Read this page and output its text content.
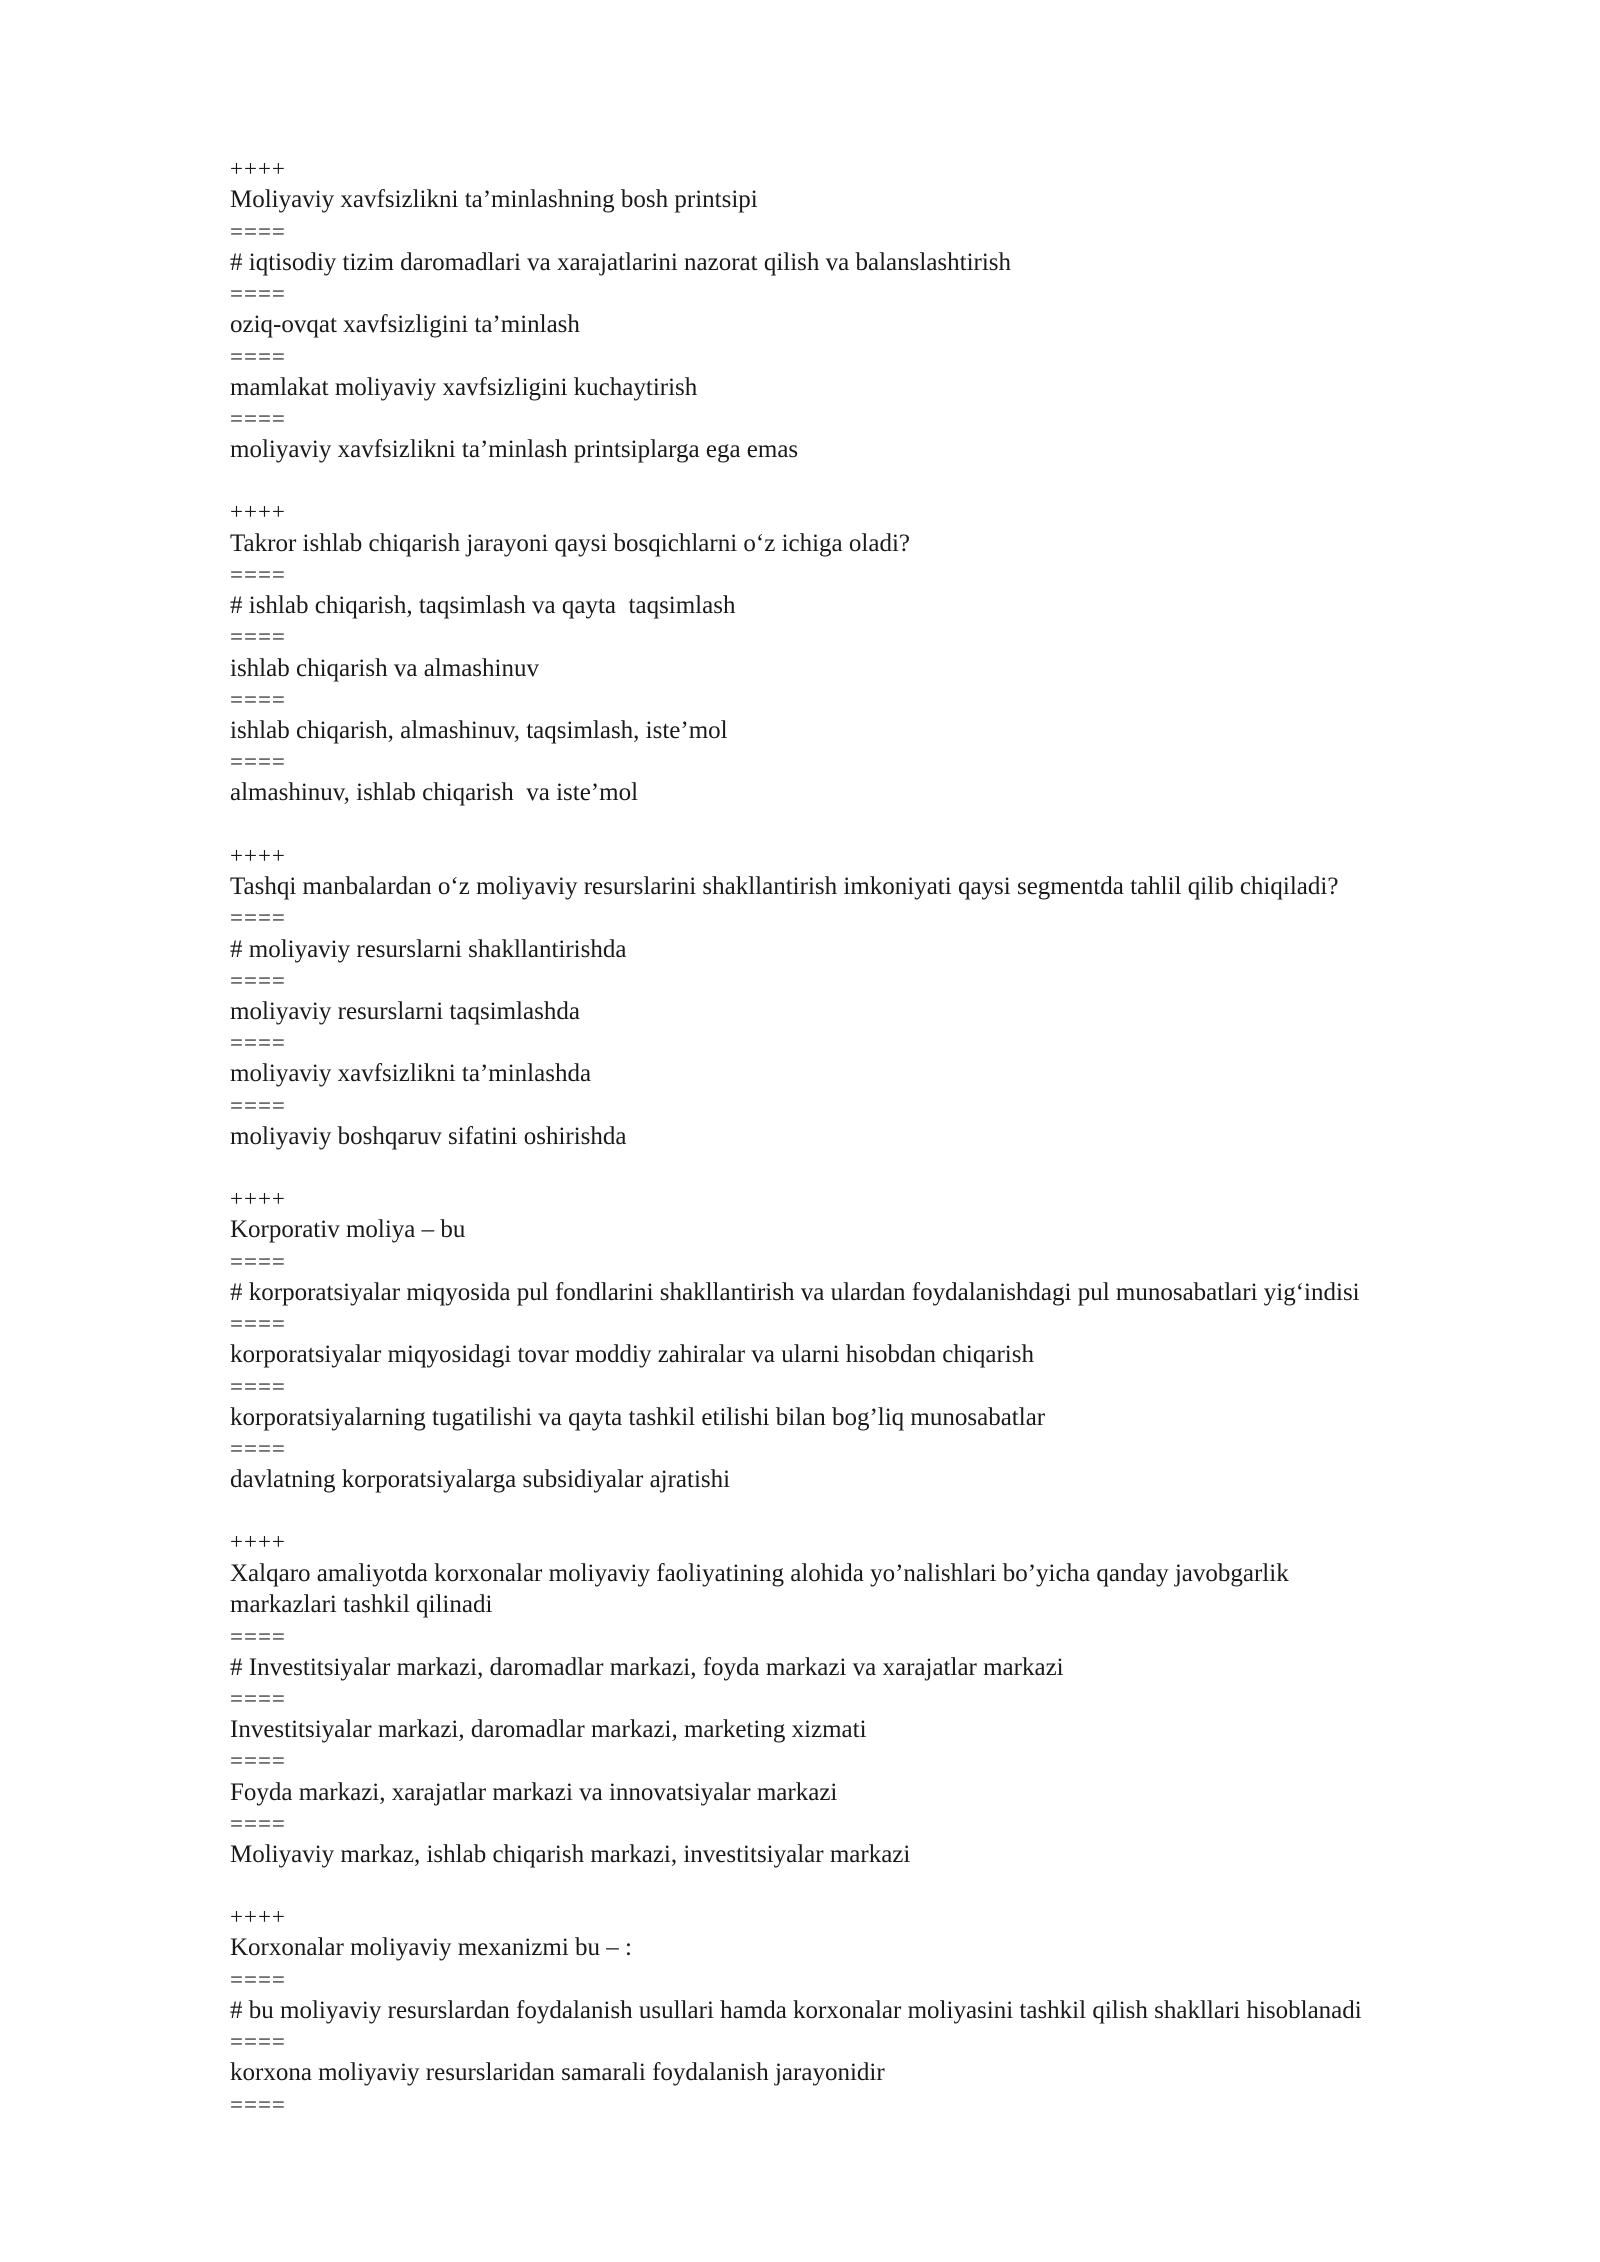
++++
Moliyaviy xavfsizlikni ta’minlashning bosh printsipi
====
# iqtisodiy tizim daromadlari va xarajatlarini nazorat qilish va balanslashtirish
====
oziq-ovqat xavfsizligini ta’minlash
====
mamlakat moliyaviy xavfsizligini kuchaytirish
====
moliyaviy xavfsizlikni ta’minlash printsiplarga ega emas
++++
Takror ishlab chiqarish jarayoni qaysi bosqichlarni o‘z ichiga oladi?
====
# ishlab chiqarish, taqsimlash va qayta  taqsimlash
====
ishlab chiqarish va almashinuv
====
ishlab chiqarish, almashinuv, taqsimlash, iste’mol
====
almashinuv, ishlab chiqarish  va iste’mol
++++
Tashqi manbalardan o‘z moliyaviy resurslarini shakllantirish imkoniyati qaysi segmentda tahlil qilib chiqiladi?
====
# moliyaviy resurslarni shakllantirishda
====
moliyaviy resurslarni taqsimlashda
====
moliyaviy xavfsizlikni ta’minlashda
====
moliyaviy boshqaruv sifatini oshirishda
++++
Korporativ moliya – bu
====
# korporatsiyalar miqyosida pul fondlarini shakllantirish va ulardan foydalanishdagi pul munosabatlari yig‘indisi
====
korporatsiyalar miqyosidagi tovar moddiy zahiralar va ularni hisobdan chiqarish
====
korporatsiyalarning tugatilishi va qayta tashkil etilishi bilan bog’liq munosabatlar
====
davlatning korporatsiyalarga subsidiyalar ajratishi
++++
Xalqaro amaliyotda korxonalar moliyaviy faoliyatining alohida yo’nalishlari bo’yicha qanday javobgarlik markazlari tashkil qilinadi
====
# Investitsiyalar markazi, daromadlar markazi, foyda markazi va xarajatlar markazi
====
Investitsiyalar markazi, daromadlar markazi, marketing xizmati
====
Foyda markazi, xarajatlar markazi va innovatsiyalar markazi
====
Moliyaviy markaz, ishlab chiqarish markazi, investitsiyalar markazi
++++
Korxonalar moliyaviy mexanizmi bu – :
====
# bu moliyaviy resurslardan foydalanish usullari hamda korxonalar moliyasini tashkil qilish shakllari hisoblanadi
====
korxona moliyaviy resurslaridan samarali foydalanish jarayonidir
====
